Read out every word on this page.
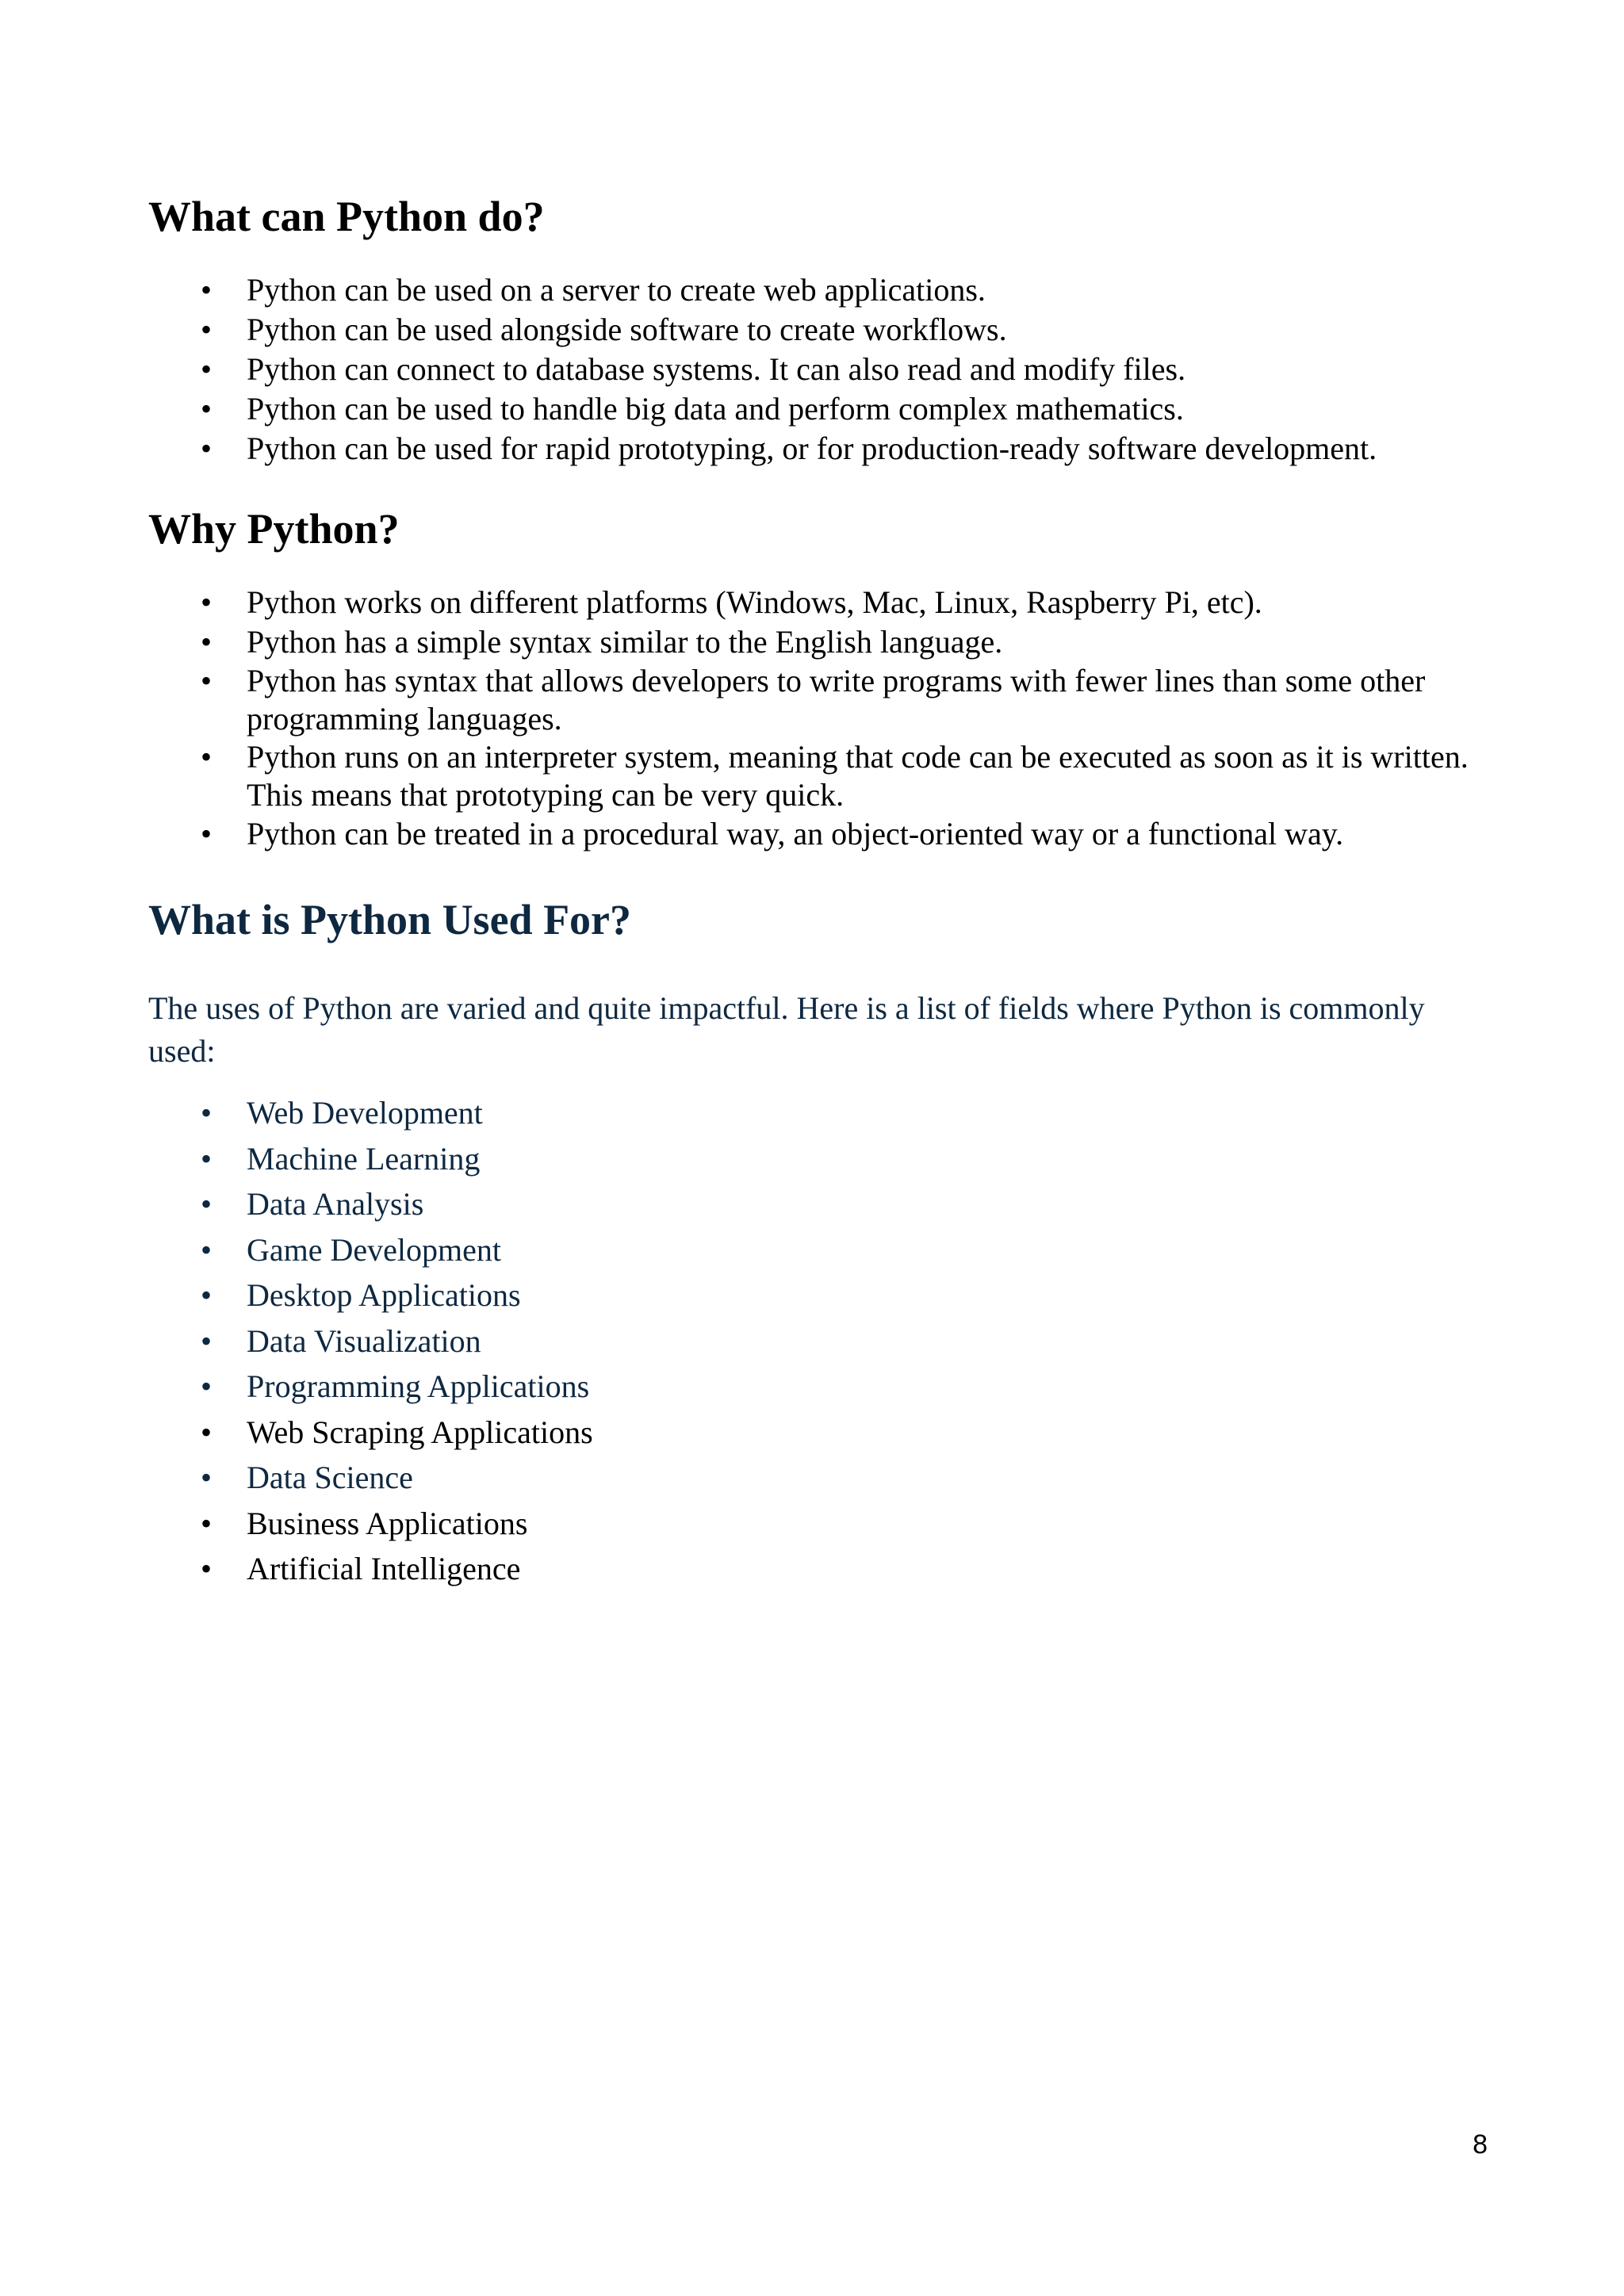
What can Python do?
• Python can be used on a server to create web applications.
• Python can be used alongside software to create workflows.
• Python can connect to database systems. It can also read and modify files.
• Python can be used to handle big data and perform complex mathematics.
• Python can be used for rapid prototyping, or for production-ready software development.
Why Python?
• Python works on different platforms (Windows, Mac, Linux, Raspberry Pi, etc).
• Python has a simple syntax similar to the English language.
• Python has syntax that allows developers to write programs with fewer lines than some other programming languages.
• Python runs on an interpreter system, meaning that code can be executed as soon as it is written. This means that prototyping can be very quick.
• Python can be treated in a procedural way, an object-oriented way or a functional way.
What is Python Used For?

The uses of Python are varied and quite impactful. Here is a list of fields where Python is commonly used:

• Web Development
• Machine Learning
• Data Analysis
• Game Development
• Desktop Applications
• Data Visualization
• Programming Applications
• Web Scraping Applications
• Data Science
• Business Applications
• Artificial Intelligence
8
